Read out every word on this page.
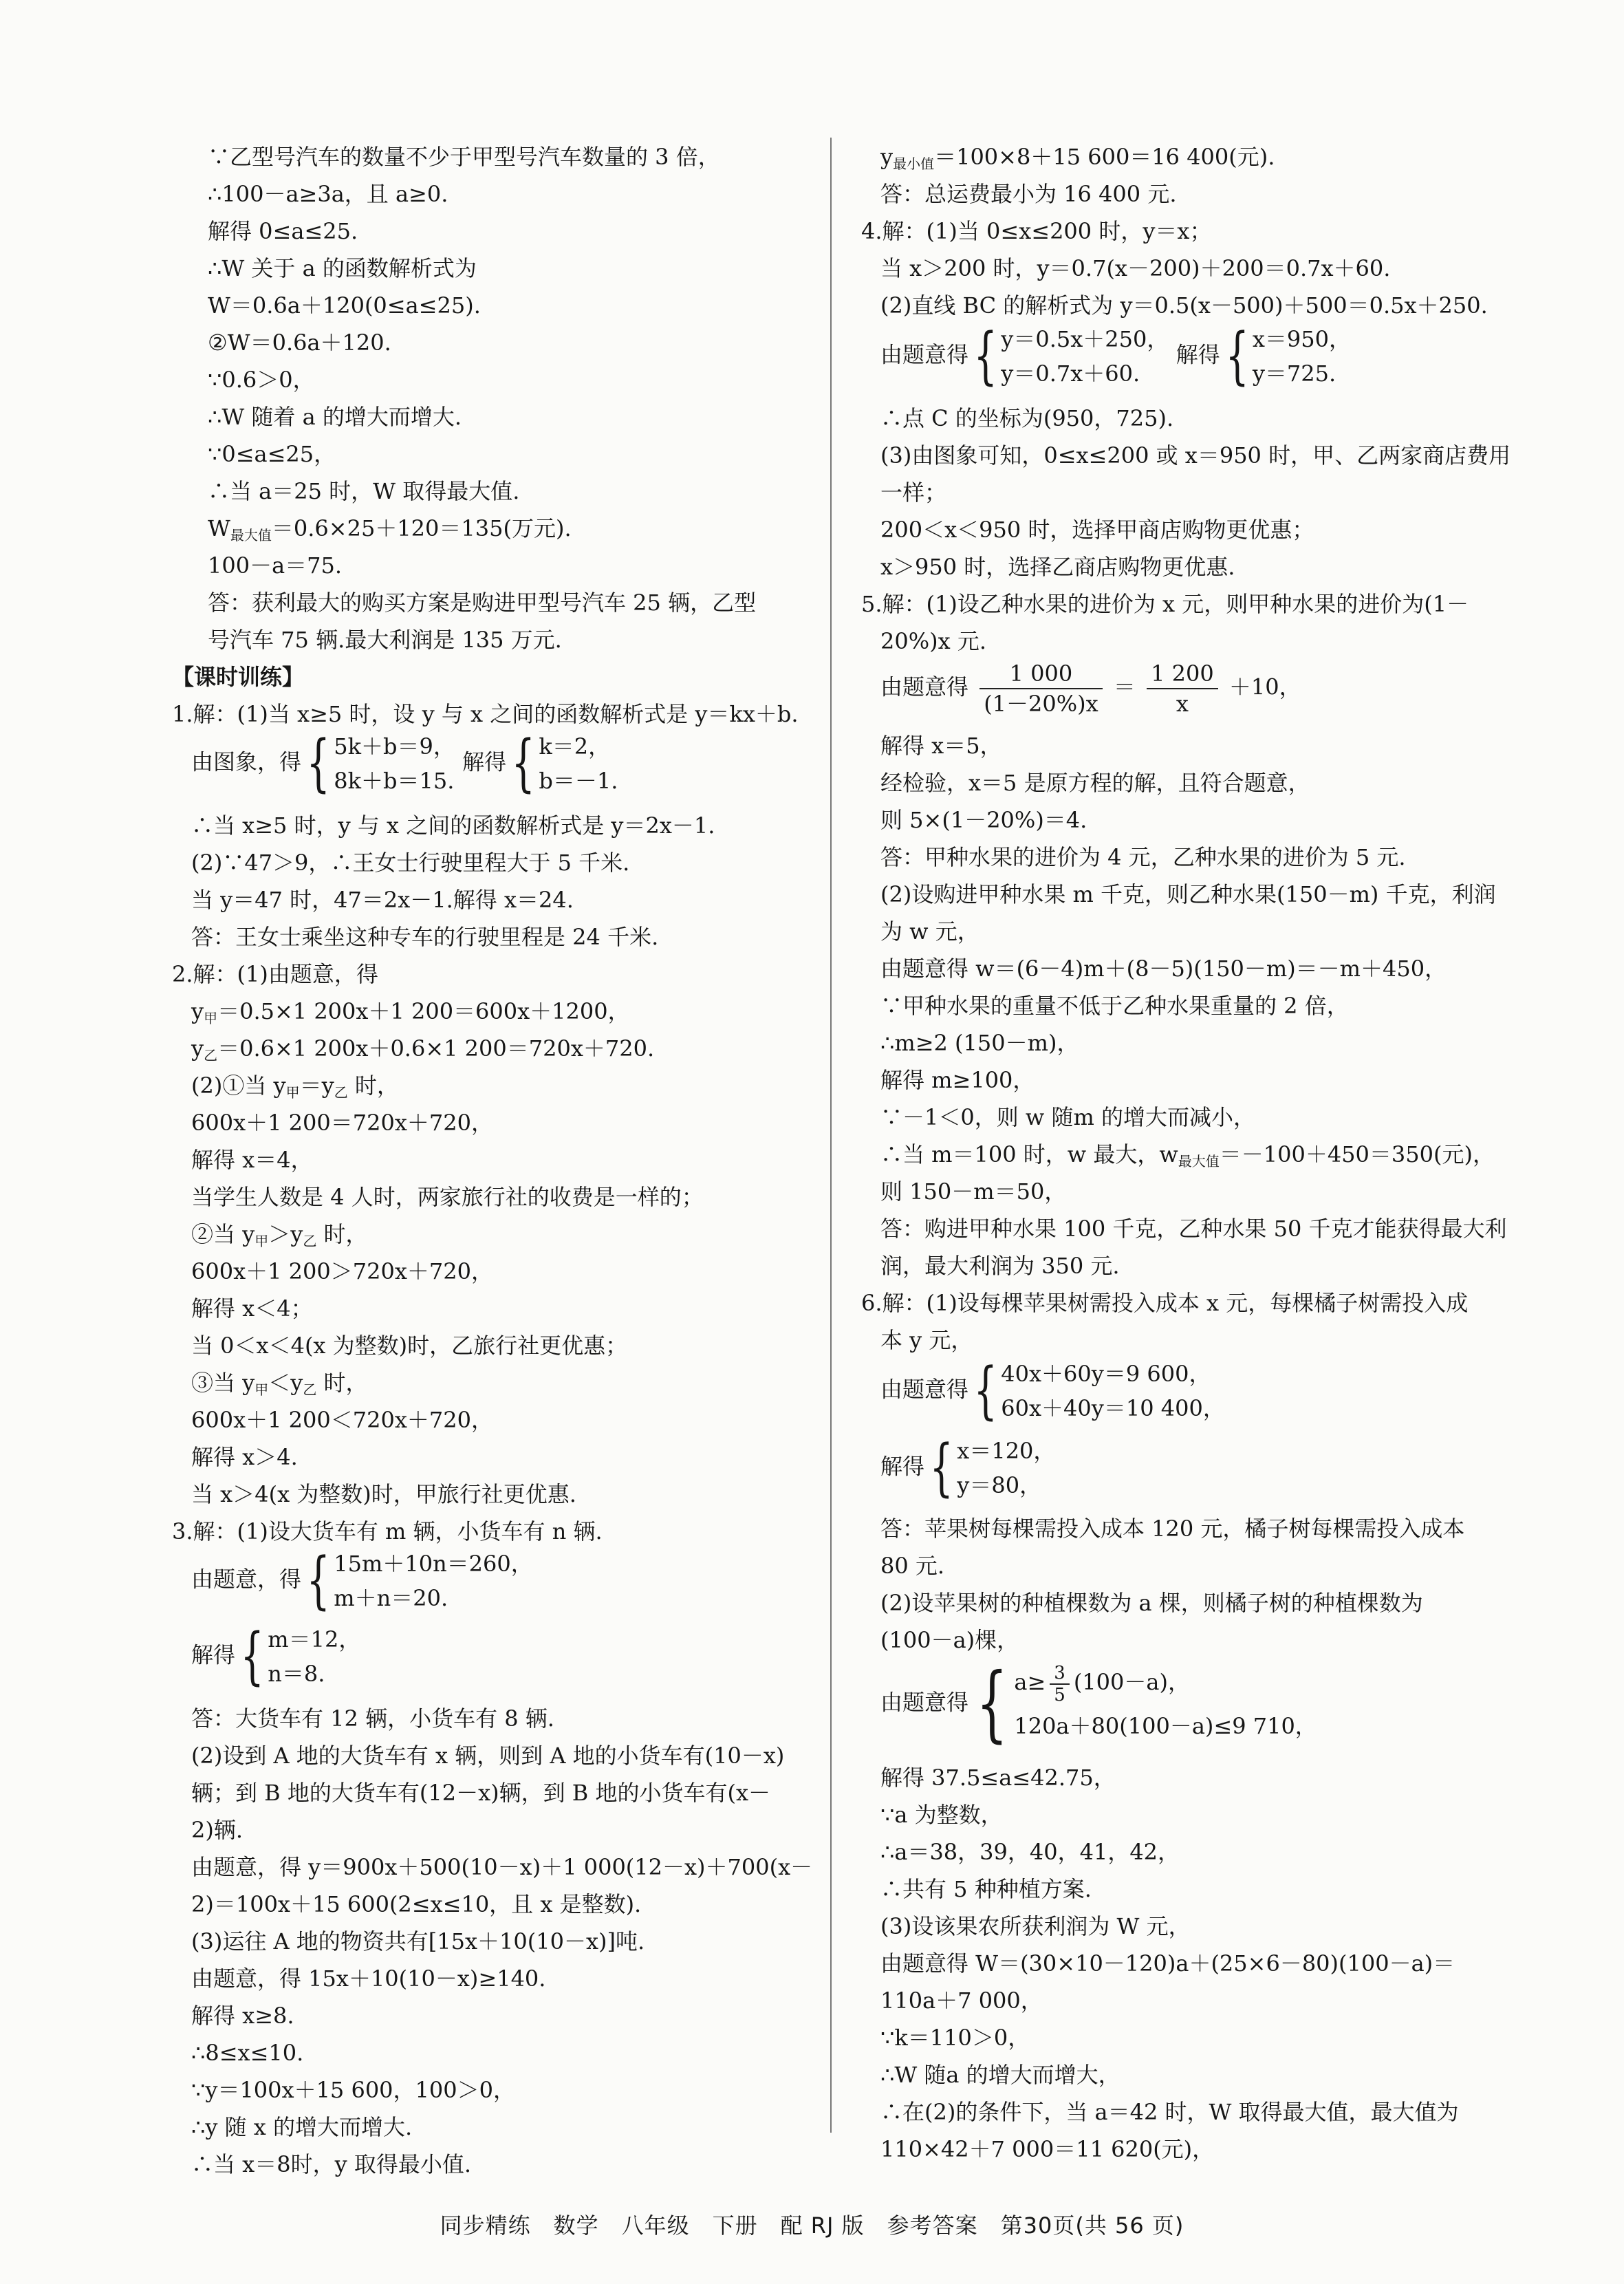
∵乙型号汽车的数量不少于甲型号汽车数量的 3 倍，
∴100－a≥3a，且 a≥0.
解得 0≤a≤25.
∴W 关于 a 的函数解析式为
W＝0.6a＋120(0≤a≤25).
②W＝0.6a＋120.
∵0.6＞0，
∴W 随着 a 的增大而增大.
∵0≤a≤25，
∴当 a＝25 时，W 取得最大值.
$W_{最大值}=0.6\times 25+120=135$(万元).
100－a＝75.
答：获利最大的购买方案是购进甲型号汽车 25 辆，乙型
号汽车 75 辆.最大利润是 135 万元.
【课时训练】
1.解：(1)当 x≥5 时，设 y 与 x 之间的函数解析式是 y＝kx＋b.
由图象，得{ 5k＋b＝9，
8k＋b＝15.
解得{ k＝2，
b＝－1.
∴当 x≥5 时，y 与 x 之间的函数解析式是 y＝2x－1.
(2)∵47＞9，∴王女士行驶里程大于 5 千米.
当 y＝47 时，47＝2x－1.解得 x＝24.
答：王女士乘坐这种专车的行驶里程是 24 千米.
2.解：(1)由题意，得
$y_甲=0.5\times 1$ 200x＋1 200＝600x＋1200，
$y_乙=0.6\times 1$ 200x＋0.6×1 200＝720x＋720.
(2)①当 $y_甲=y_乙$ 时，
600x＋1 200＝720x＋720，
解得 x＝4，
当学生人数是 4 人时，两家旅行社的收费是一样的；
②当 $y_甲>y_乙$ 时，
600x＋1 200＞720x＋720，
解得 x＜4；
当 0＜x＜4(x 为整数)时，乙旅行社更优惠；
③当 $y_甲<y_乙$ 时，
600x＋1 200＜720x＋720，
解得 x＞4.
当 x＞4(x 为整数)时，甲旅行社更优惠.
3.解：(1)设大货车有 m 辆，小货车有 n 辆.
由题意，得{ 15m＋10n＝260，
m＋n＝20.
解得{ m＝12，
n＝8.
答：大货车有 12 辆，小货车有 8 辆.
(2)设到 A 地的大货车有 x 辆，则到 A 地的小货车有(10－x)
辆；到 B 地的大货车有(12－x)辆，到 B 地的小货车有(x－
2)辆.
由题意，得 y＝900x＋500(10－x)＋1 000(12－x)＋700(x－
2)＝100x＋15 600(2≤x≤10，且 x 是整数).
(3)运往 A 地的物资共有[15x＋10(10－x)]吨.
由题意，得 15x＋10(10－x)≥140.
解得 x≥8.
∴8≤x≤10.
∵y＝100x＋15 600，100＞0，
∴y 随 x 的增大而增大.
∴当 x＝8时，y 取得最小值.
$y_{最小值}=100\times 8+15$ 600＝16 400(元).
答：总运费最小为 16 400 元.
4.解：(1)当 0≤x≤200 时，y＝x；
当 x＞200 时，y＝0.7(x－200)＋200＝0.7x＋60.
(2)直线 BC 的解析式为 y＝0.5(x－500)＋500＝0.5x＋250.
由题意得{ y＝0.5x＋250，
y＝0.7x＋60.
解得{ x＝950，
y＝725.
∴点 C 的坐标为(950，725).
(3)由图象可知，0≤x≤200 或 x＝950 时，甲、乙两家商店费用
一样；
200＜x＜950 时，选择甲商店购物更优惠；
x＞950 时，选择乙商店购物更优惠.
5.解：(1)设乙种水果的进价为 x 元，则甲种水果的进价为(1－
20%)x 元.
由题意得 $\frac{1 000}{(1-20\%)x} = \frac{1 200}{x} +10$，
解得 x＝5，
经检验，x＝5 是原方程的解，且符合题意，
则 5×(1－20%)＝4.
答：甲种水果的进价为 4 元，乙种水果的进价为 5 元.
(2)设购进甲种水果 m 千克，则乙种水果(150－m) 千克，利润
为 w 元，
由题意得 w＝(6－4)m＋(8－5)(150－m)＝－m＋450，
∵甲种水果的重量不低于乙种水果重量的 2 倍，
∴m≥2 (150－m)，
解得 m≥100，
∵－1＜0，则 w 随m 的增大而减小，
∴当 m＝100 时，w 最大，$w_{最大值}=-100+450=350$(元)，
则 150－m＝50，
答：购进甲种水果 100 千克，乙种水果 50 千克才能获得最大利
润，最大利润为 350 元.
6.解：(1)设每棵苹果树需投入成本 x 元，每棵橘子树需投入成
本 y 元，
由题意得{ 40x＋60y＝9 600，
60x＋40y＝10 400，
解得{ x＝120，
y＝80，
答：苹果树每棵需投入成本 120 元，橘子树每棵需投入成本
80 元.
(2)设苹果树的种植棵数为 a 棵，则橘子树的种植棵数为
(100－a)棵，
由题意得{ $a\ge \frac{3}{5} (100-a)$，
120a＋80(100－a)≤9 710，
解得 37.5≤a≤42.75，
∵a 为整数，
∴a＝38，39，40，41，42，
∴共有 5 种种植方案.
(3)设该果农所获利润为 W 元，
由题意得 W＝(30×10－120)a＋(25×6－80)(100－a)＝
110a＋7 000，
∵k＝110＞0，
∴W 随a 的增大而增大，
∴在(2)的条件下，当 a＝42 时，W 取得最大值，最大值为
110×42＋7 000＝11 620(元)，
同步精练　数学　八年级　下册　配 RJ 版　参考答案　第30页(共 56 页)
